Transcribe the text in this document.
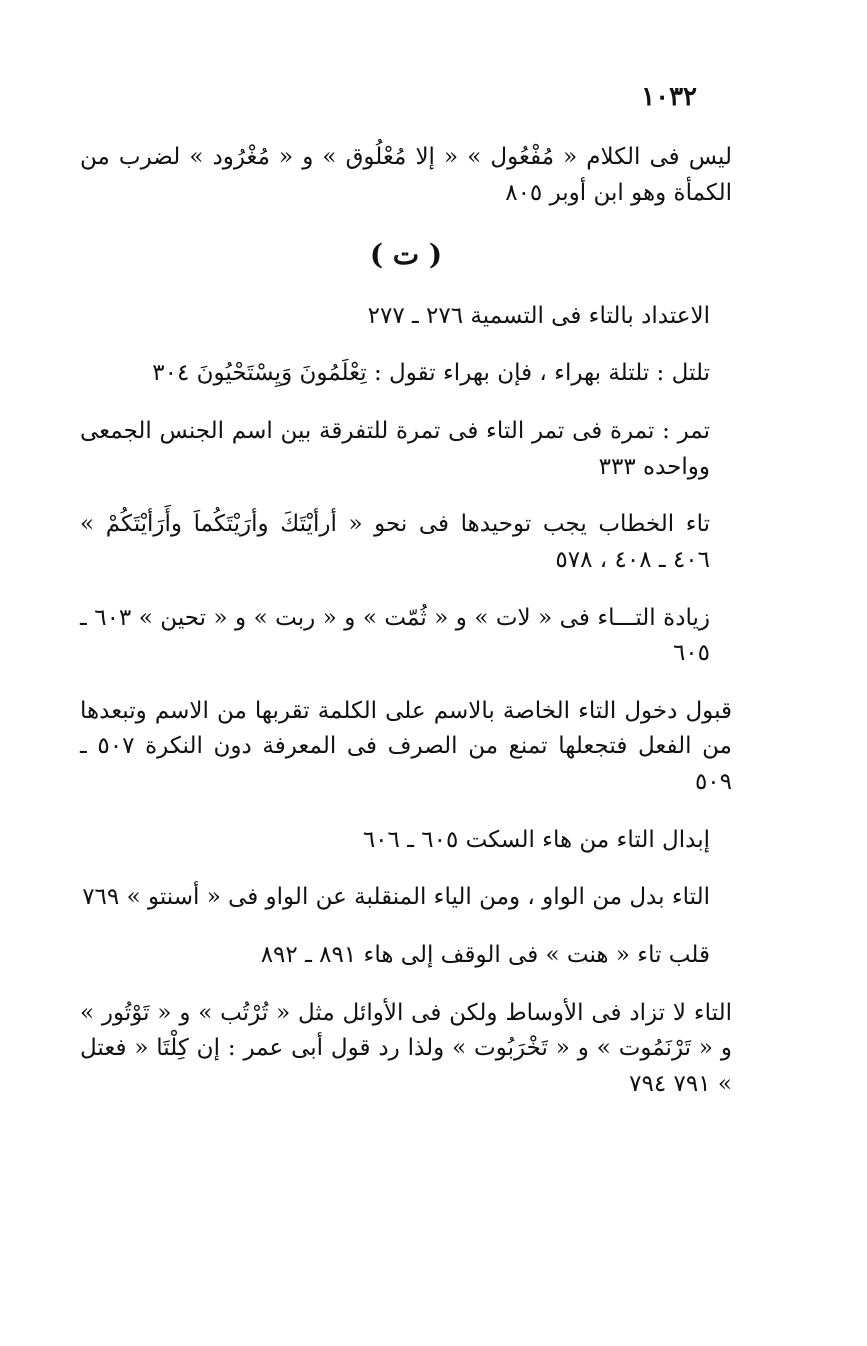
١٠٣٢

ليس فى الكلام « مُفْعُول » « إلا مُعْلُوق » و « مُغْرُود » لضرب من الكمأة وهو ابن أوبر ٨٠٥

( ت )

الاعتداد بالتاء فى التسمية ٢٧٦ ـ ٢٧٧

تلتل : تلتلة بهراء ، فإن بهراء تقول : تِعْلَمُونَ وَيِسْتَحْيُونَ ٣٠٤

تمر : تمرة فى تمر التاء فى تمرة للتفرقة بين اسم الجنس الجمعى وواحده ٣٣٣

تاء الخطاب يجب توحيدها فى نحو « أرأيْتَكَ وأرَيْتَكُماَ وأَرَأيْتَكُمْ » ٤٠٦ ـ ٤٠٨ ، ٥٧٨

زيادة التـــاء فى « لات » و « ثُمّت » و « ربت » و « تحين » ٦٠٣ ـ ٦٠٥

قبول دخول التاء الخاصة بالاسم على الكلمة تقربها من الاسم وتبعدها من الفعل فتجعلها تمنع من الصرف فى المعرفة دون النكرة ٥٠٧ ـ ٥٠٩

إبدال التاء من هاء السكت ٦٠٥ ـ ٦٠٦

التاء بدل من الواو ، ومن الياء المنقلبة عن الواو فى « أسنتو » ٧٦٩

قلب تاء « هنت » فى الوقف إلى هاء ٨٩١ ـ ٨٩٢

التاء لا تزاد فى الأوساط ولكن فى الأوائل مثل « تُرْتُب » و « تَوْتُور » و « تَرْنَمُوت » و « تَخْرَبُوت » ولذا رد قول أبى عمر : إن كِلْتَا « فعتل » ٧٩١ ٧٩٤
